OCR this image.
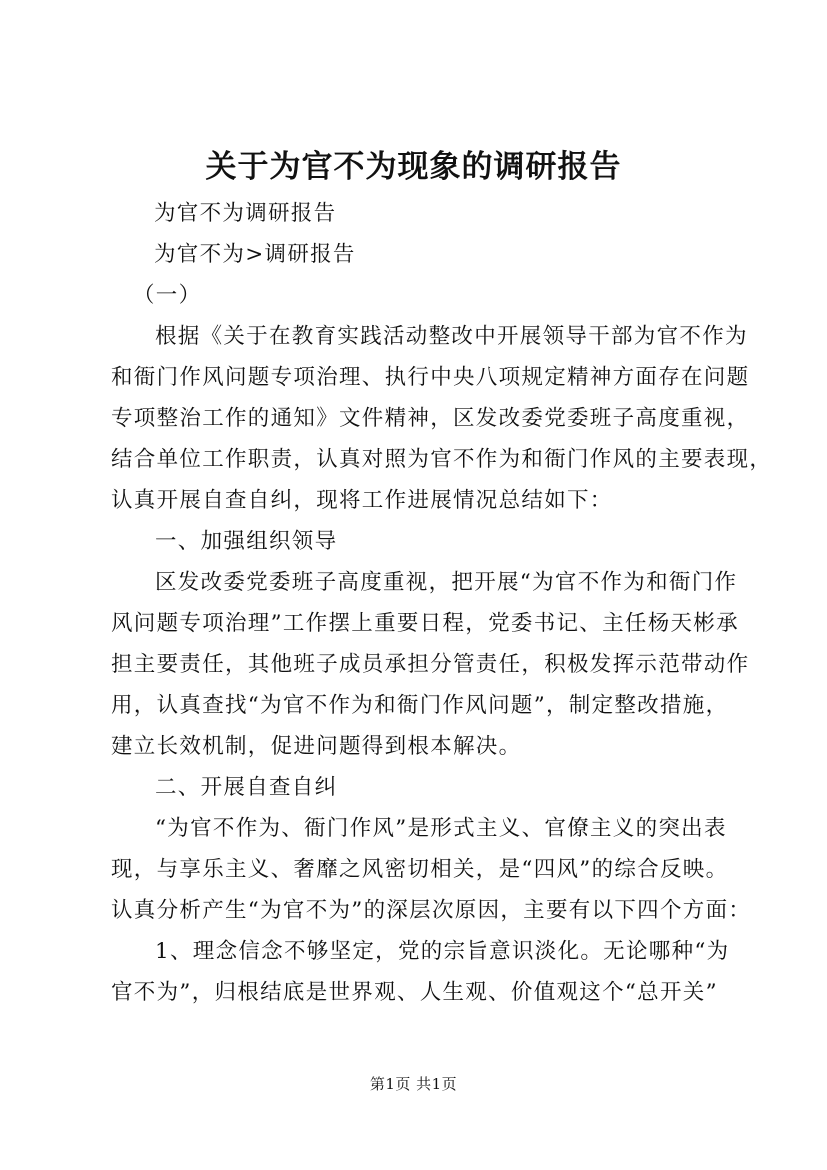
关于为官不为现象的调研报告
为官不为调研报告
为官不为>调研报告
（一）
根据《关于在教育实践活动整改中开展领导干部为官不作为
和衙门作风问题专项治理、执行中央八项规定精神方面存在问题
专项整治工作的通知》文件精神，区发改委党委班子高度重视，
结合单位工作职责，认真对照为官不作为和衙门作风的主要表现，
认真开展自查自纠，现将工作进展情况总结如下：
一、加强组织领导
区发改委党委班子高度重视，把开展“为官不作为和衙门作
风问题专项治理”工作摆上重要日程，党委书记、主任杨天彬承
担主要责任，其他班子成员承担分管责任，积极发挥示范带动作
用，认真查找“为官不作为和衙门作风问题”，制定整改措施，
建立长效机制，促进问题得到根本解决。
二、开展自查自纠
“为官不作为、衙门作风”是形式主义、官僚主义的突出表
现，与享乐主义、奢靡之风密切相关，是“四风”的综合反映。
认真分析产生“为官不为”的深层次原因，主要有以下四个方面：
1、理念信念不够坚定，党的宗旨意识淡化。无论哪种“为
官不为”，归根结底是世界观、人生观、价值观这个“总开关”
第1页 共1页
